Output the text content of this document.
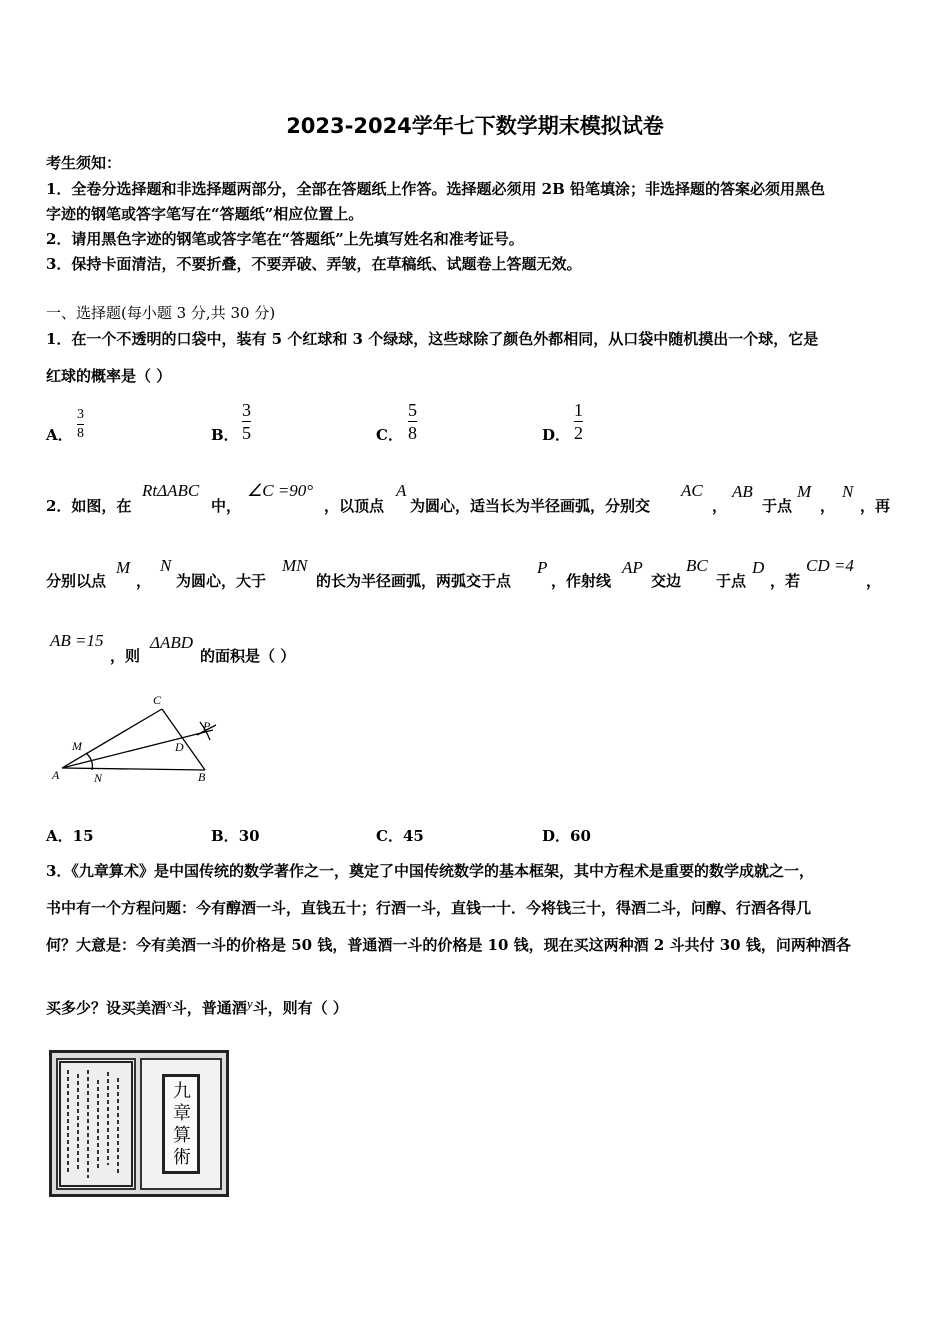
2023-2024学年七下数学期末模拟试卷
考生须知：
1．全卷分选择题和非选择题两部分，全部在答题纸上作答。选择题必须用 2B 铅笔填涂；非选择题的答案必须用黑色
字迹的钢笔或答字笔写在“答题纸”相应位置上。
2．请用黑色字迹的钢笔或答字笔在“答题纸”上先填写姓名和准考证号。
3．保持卡面清洁，不要折叠，不要弄破、弄皱，在草稿纸、试题卷上答题无效。
一、选择题(每小题 3 分,共 30 分)
1．在一个不透明的口袋中，装有 5 个红球和 3 个绿球，这些球除了颜色外都相同，从口袋中随机摸出一个球，它是
红球的概率是（ ）
A．
3
8	B．
3
5	C．
5
8	D．
1
2
2．如图，在
RtΔABC
中，
∠C =90°
，以顶点
A
为圆心，适当长为半径画弧，分别交
AC
，
AB
于点
M
，
N
，再
分别以点
M
，
N
为圆心，大于
MN
的长为半径画弧，两弧交于点
P
，作射线
AP
交边
BC
于点
D
，若
CD =4
，
AB =15
，则
ΔABD
的面积是（ ）
A	B
C
D
M
N
P
A．15	B．30	C．45	D．60
3．《九章算术》是中国传统的数学著作之一，奠定了中国传统数学的基本框架，其中方程术是重要的数学成就之一，
书中有一个方程问题：今有醇酒一斗，直钱五十；行酒一斗，直钱一十．今将钱三十，得酒二斗，问醇、行酒各得几
何？大意是：今有美酒一斗的价格是 50 钱，普通酒一斗的价格是 10 钱，现在买这两种酒 2 斗共付 30 钱，问两种酒各
买多少？设买美酒x斗，普通酒y斗，则有（ ）
九章算術
